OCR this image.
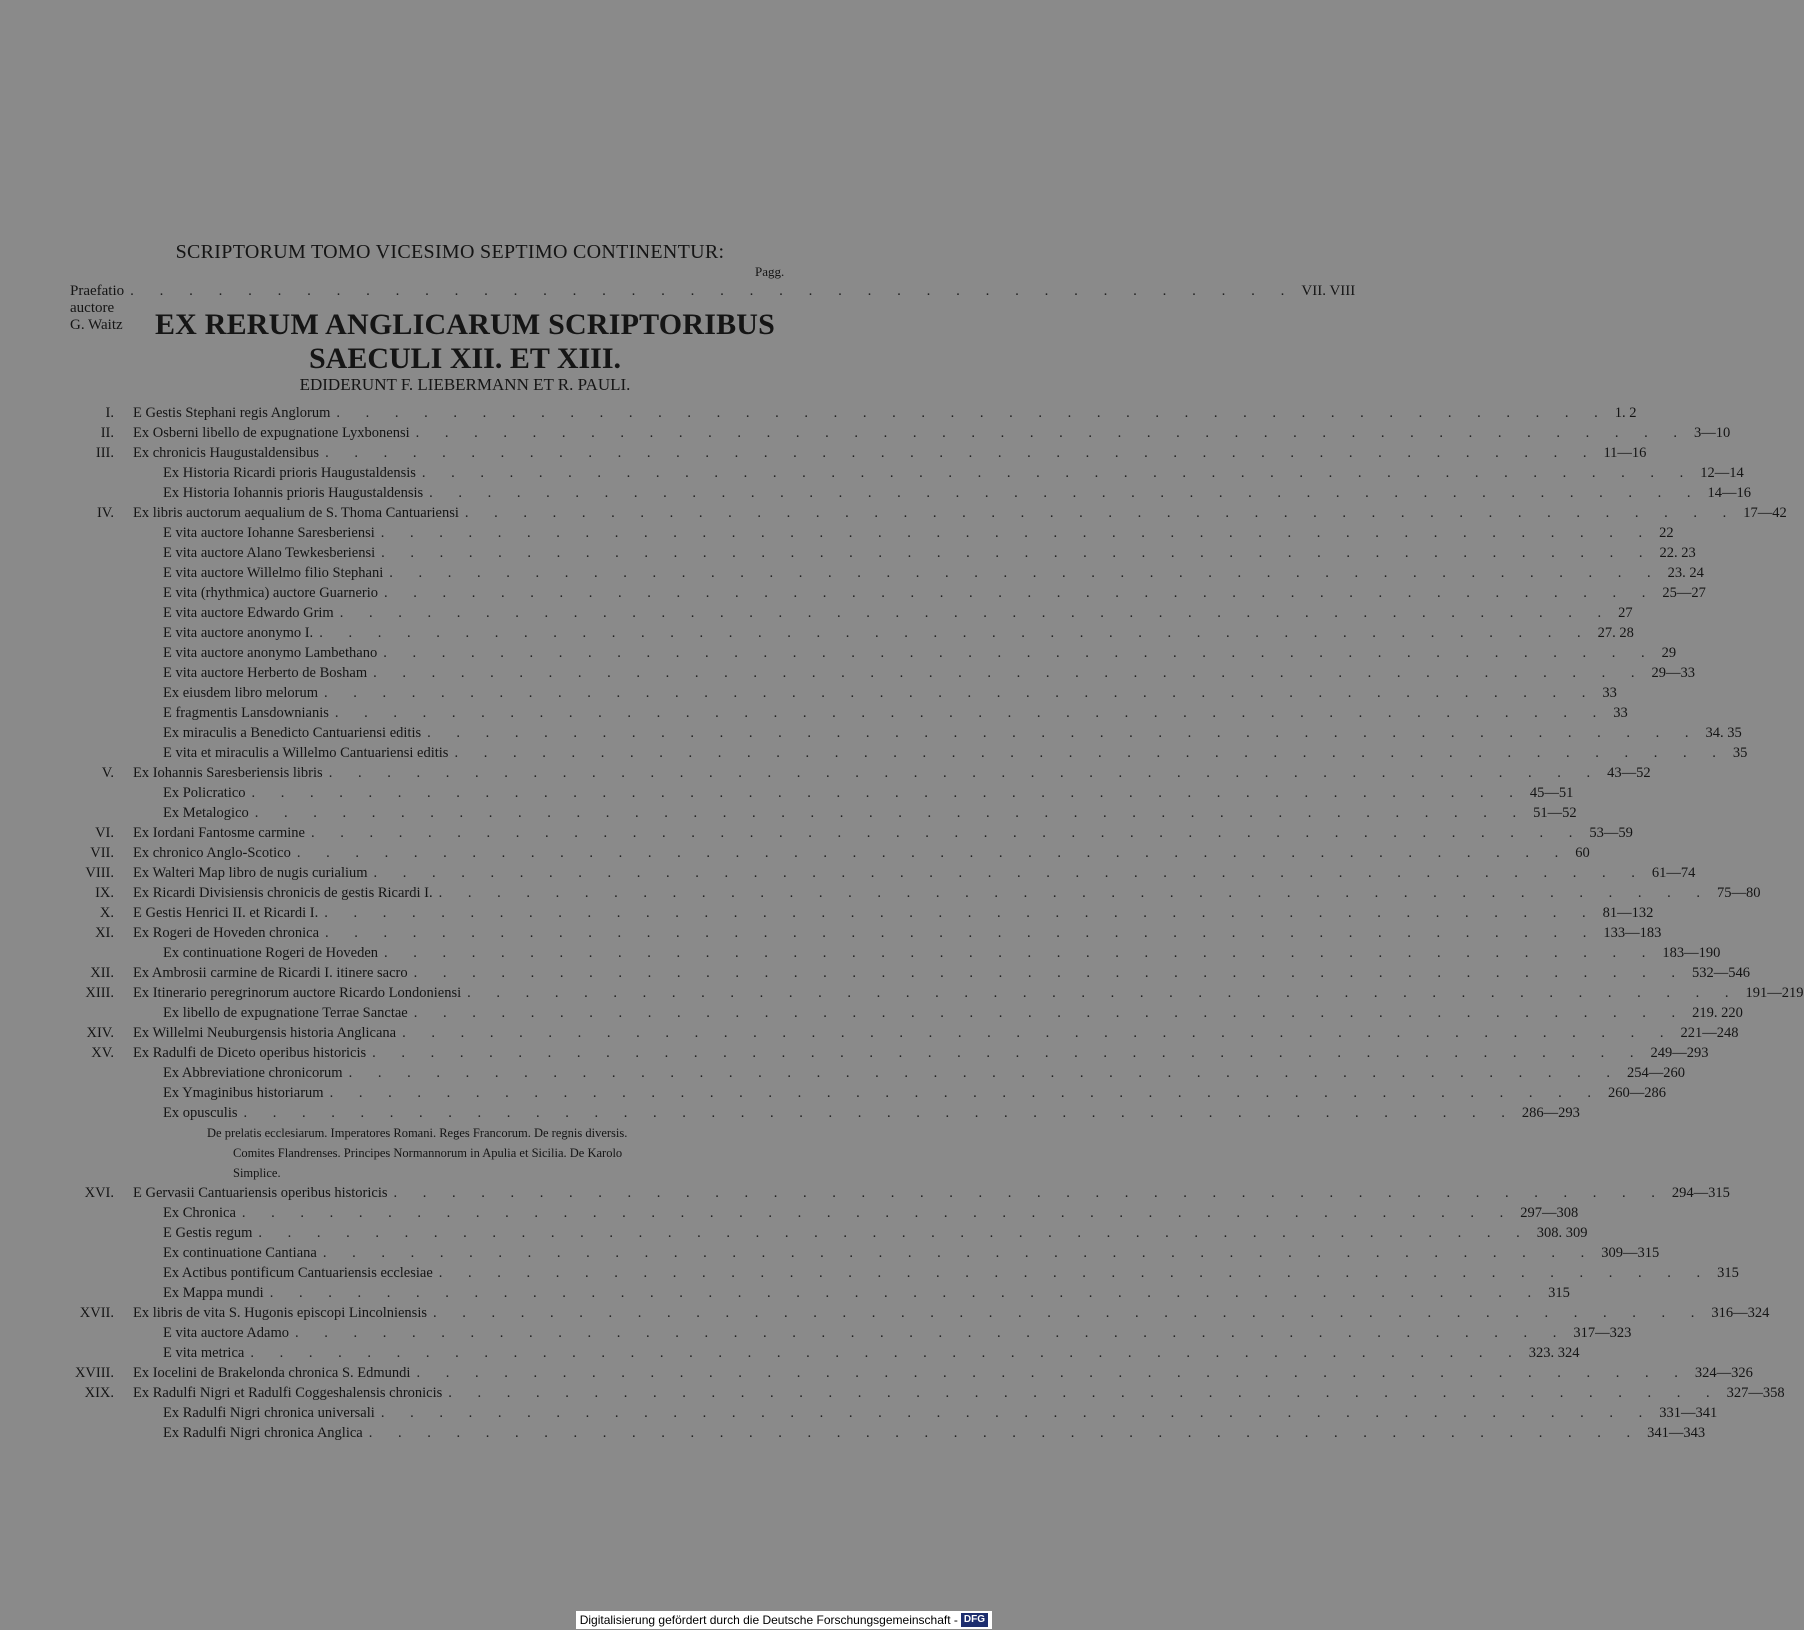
SCRIPTORUM TOMO VICESIMO SEPTIMO CONTINENTUR:
Pagg.
Praefatio auctore G. Waitz
. . . . . . . . . . . . . . . . . . . . . . . . . . . . . . . . . . . . . . . . VII. VIII
EX RERUM ANGLICARUM SCRIPTORIBUS
SAECULI XII. ET XIII.
EDIDERUNT F. LIEBERMANN ET R. PAULI.
I. E Gestis Stephani regis Anglorum . . . . . . . . . . . . . . . . . . . . . . . . . . . . . . . . . . . . . . . . . . . . 1. 2
II. Ex Osberni libello de expugnatione Lyxbonensi . . . . . . . . . . . . . . . . . . . . . . . . . . . . . . . . . . . . . . . . . . . . 3—10
III. Ex chronicis Haugustaldensibus . . . . . . . . . . . . . . . . . . . . . . . . . . . . . . . . . . . . . . . . . . . . 11—16
Ex Historia Ricardi prioris Haugustaldensis . . . . . . . . . . . . . . . . . . . . . . . . . . . . . . . . . . . . . . . . . . . . 12—14
Ex Historia Iohannis prioris Haugustaldensis . . . . . . . . . . . . . . . . . . . . . . . . . . . . . . . . . . . . . . . . . . . . 14—16
IV. Ex libris auctorum aequalium de S. Thoma Cantuariensi . . . . . . . . . . . . . . . . . . . . . . . . . . . . . . . . . . . . . . . . . . . . 17—42
E vita auctore Iohanne Saresberiensi . . . . . . . . . . . . . . . . . . . . . . . . . . . . . . . . . . . . . . . . . . . . 22
E vita auctore Alano Tewkesberiensi . . . . . . . . . . . . . . . . . . . . . . . . . . . . . . . . . . . . . . . . . . . . 22. 23
E vita auctore Willelmo filio Stephani . . . . . . . . . . . . . . . . . . . . . . . . . . . . . . . . . . . . . . . . . . . . 23. 24
E vita (rhythmica) auctore Guarnerio . . . . . . . . . . . . . . . . . . . . . . . . . . . . . . . . . . . . . . . . . . . . 25—27
E vita auctore Edwardo Grim . . . . . . . . . . . . . . . . . . . . . . . . . . . . . . . . . . . . . . . . . . . . 27
E vita auctore anonymo I. . . . . . . . . . . . . . . . . . . . . . . . . . . . . . . . . . . . . . . . . . . . . 27. 28
E vita auctore anonymo Lambethano . . . . . . . . . . . . . . . . . . . . . . . . . . . . . . . . . . . . . . . . . . . . 29
E vita auctore Herberto de Bosham . . . . . . . . . . . . . . . . . . . . . . . . . . . . . . . . . . . . . . . . . . . . 29—33
Ex eiusdem libro melorum . . . . . . . . . . . . . . . . . . . . . . . . . . . . . . . . . . . . . . . . . . . . 33
E fragmentis Lansdownianis . . . . . . . . . . . . . . . . . . . . . . . . . . . . . . . . . . . . . . . . . . . . 33
Ex miraculis a Benedicto Cantuariensi editis . . . . . . . . . . . . . . . . . . . . . . . . . . . . . . . . . . . . . . . . . . . . 34. 35
E vita et miraculis a Willelmo Cantuariensi editis . . . . . . . . . . . . . . . . . . . . . . . . . . . . . . . . . . . . . . . . . . . . 35
V. Ex Iohannis Saresberiensis libris . . . . . . . . . . . . . . . . . . . . . . . . . . . . . . . . . . . . . . . . . . . . 43—52
Ex Policratico . . . . . . . . . . . . . . . . . . . . . . . . . . . . . . . . . . . . . . . . . . . . 45—51
Ex Metalogico . . . . . . . . . . . . . . . . . . . . . . . . . . . . . . . . . . . . . . . . . . . . 51—52
VI. Ex Iordani Fantosme carmine . . . . . . . . . . . . . . . . . . . . . . . . . . . . . . . . . . . . . . . . . . . . 53—59
VII. Ex chronico Anglo-Scotico . . . . . . . . . . . . . . . . . . . . . . . . . . . . . . . . . . . . . . . . . . . . 60
VIII. Ex Walteri Map libro de nugis curialium . . . . . . . . . . . . . . . . . . . . . . . . . . . . . . . . . . . . . . . . . . . . 61—74
IX. Ex Ricardi Divisiensis chronicis de gestis Ricardi I. . . . . . . . . . . . . . . . . . . . . . . . . . . . . . . . . . . . . . . . . . . . . 75—80
X. E Gestis Henrici II. et Ricardi I. . . . . . . . . . . . . . . . . . . . . . . . . . . . . . . . . . . . . . . . . . . . . 81—132
XI. Ex Rogeri de Hoveden chronica . . . . . . . . . . . . . . . . . . . . . . . . . . . . . . . . . . . . . . . . . . . . 133—183
Ex continuatione Rogeri de Hoveden . . . . . . . . . . . . . . . . . . . . . . . . . . . . . . . . . . . . . . . . . . . . 183—190
XII. Ex Ambrosii carmine de Ricardi I. itinere sacro . . . . . . . . . . . . . . . . . . . . . . . . . . . . . . . . . . . . . . . . . . . . 532—546
XIII. Ex Itinerario peregrinorum auctore Ricardo Londoniensi . . . . . . . . . . . . . . . . . . . . . . . . . . . . . . . . . . . . . . . . . . . . 191—219
Ex libello de expugnatione Terrae Sanctae . . . . . . . . . . . . . . . . . . . . . . . . . . . . . . . . . . . . . . . . . . . . 219. 220
XIV. Ex Willelmi Neuburgensis historia Anglicana . . . . . . . . . . . . . . . . . . . . . . . . . . . . . . . . . . . . . . . . . . . . 221—248
XV. Ex Radulfi de Diceto operibus historicis . . . . . . . . . . . . . . . . . . . . . . . . . . . . . . . . . . . . . . . . . . . . 249—293
Ex Abbreviatione chronicorum . . . . . . . . . . . . . . . . . . . . . . . . . . . . . . . . . . . . . . . . . . . . 254—260
Ex Ymaginibus historiarum . . . . . . . . . . . . . . . . . . . . . . . . . . . . . . . . . . . . . . . . . . . . 260—286
Ex opusculis . . . . . . . . . . . . . . . . . . . . . . . . . . . . . . . . . . . . . . . . . . . . 286—293
De prelatis ecclesiarum. Imperatores Romani. Reges Francorum. De regnis diversis.
Comites Flandrenses. Principes Normannorum in Apulia et Sicilia. De Karolo
Simplice.
XVI. E Gervasii Cantuariensis operibus historicis . . . . . . . . . . . . . . . . . . . . . . . . . . . . . . . . . . . . . . . . . . . . 294—315
Ex Chronica . . . . . . . . . . . . . . . . . . . . . . . . . . . . . . . . . . . . . . . . . . . . 297—308
E Gestis regum . . . . . . . . . . . . . . . . . . . . . . . . . . . . . . . . . . . . . . . . . . . . 308. 309
Ex continuatione Cantiana . . . . . . . . . . . . . . . . . . . . . . . . . . . . . . . . . . . . . . . . . . . . 309—315
Ex Actibus pontificum Cantuariensis ecclesiae . . . . . . . . . . . . . . . . . . . . . . . . . . . . . . . . . . . . . . . . . . . . 315
Ex Mappa mundi . . . . . . . . . . . . . . . . . . . . . . . . . . . . . . . . . . . . . . . . . . . . 315
XVII. Ex libris de vita S. Hugonis episcopi Lincolniensis . . . . . . . . . . . . . . . . . . . . . . . . . . . . . . . . . . . . . . . . . . . . 316—324
E vita auctore Adamo . . . . . . . . . . . . . . . . . . . . . . . . . . . . . . . . . . . . . . . . . . . . 317—323
E vita metrica . . . . . . . . . . . . . . . . . . . . . . . . . . . . . . . . . . . . . . . . . . . . 323. 324
XVIII. Ex Iocelini de Brakelonda chronica S. Edmundi . . . . . . . . . . . . . . . . . . . . . . . . . . . . . . . . . . . . . . . . . . . . 324—326
XIX. Ex Radulfi Nigri et Radulfi Coggeshalensis chronicis . . . . . . . . . . . . . . . . . . . . . . . . . . . . . . . . . . . . . . . . . . . . 327—358
Ex Radulfi Nigri chronica universali . . . . . . . . . . . . . . . . . . . . . . . . . . . . . . . . . . . . . . . . . . . . 331—341
Ex Radulfi Nigri chronica Anglica . . . . . . . . . . . . . . . . . . . . . . . . . . . . . . . . . . . . . . . . . . . . 341—343
Digitalisierung gefördert durch die Deutsche Forschungsgemeinschaft - DFG
